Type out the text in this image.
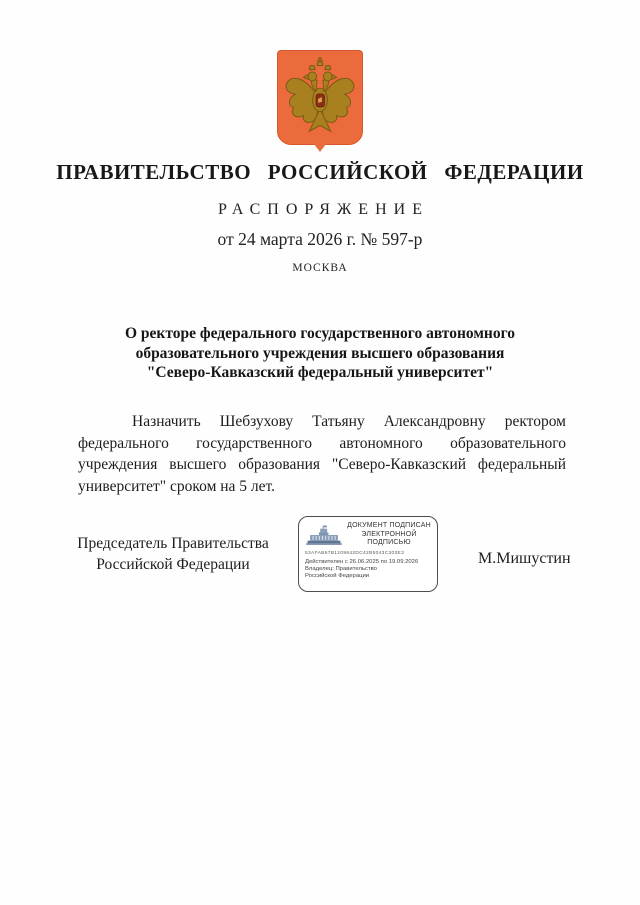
ПРАВИТЕЛЬСТВО РОССИЙСКОЙ ФЕДЕРАЦИИ
РАСПОРЯЖЕНИЕ
от 24 марта 2026 г. № 597-р
МОСКВА
О ректоре федерального государственного автономного
образовательного учреждения высшего образования
"Северо-Кавказский федеральный университет"
Назначить Шебзухову Татьяну Александровну ректором федерального государственного автономного образовательного учреждения высшего образования "Северо-Кавказский федеральный университет" сроком на 5 лет.
Председатель Правительства
Российской Федерации
ДОКУМЕНТ ПОДПИСАН
ЭЛЕКТРОННОЙ ПОДПИСЬЮ
53AFAB67B1209642DC42B5043C303E3
Действителен с 26.06.2025 по 19.09.2026
Владелец: Правительство Российской Федерации
М.Мишустин
